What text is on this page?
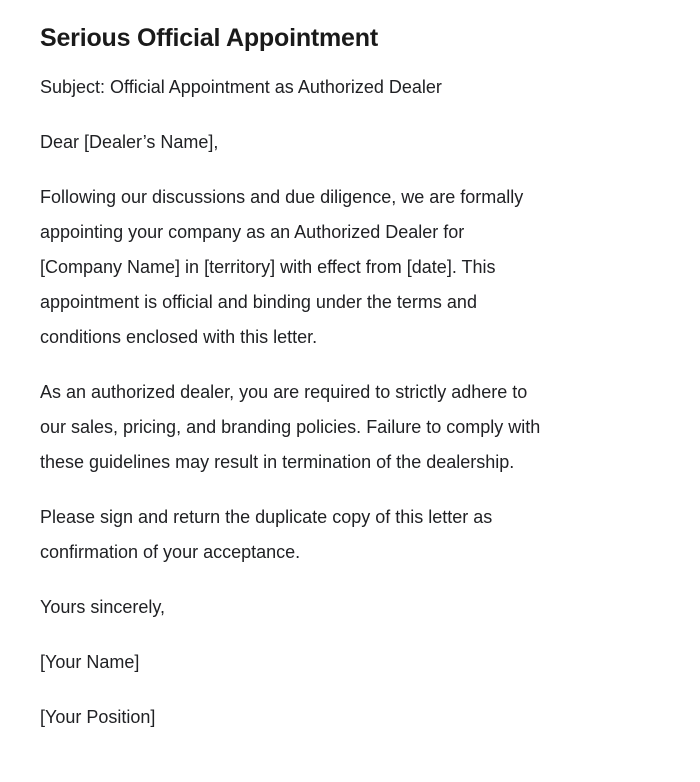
Serious Official Appointment

Subject: Official Appointment as Authorized Dealer

Dear [Dealer’s Name],

Following our discussions and due diligence, we are formally
appointing your company as an Authorized Dealer for
[Company Name] in [territory] with effect from [date]. This
appointment is official and binding under the terms and
conditions enclosed with this letter.
As an authorized dealer, you are required to strictly adhere to
our sales, pricing, and branding policies. Failure to comply with
these guidelines may result in termination of the dealership.
Please sign and return the duplicate copy of this letter as
confirmation of your acceptance.

Yours sincerely,

[Your Name]

[Your Position]
